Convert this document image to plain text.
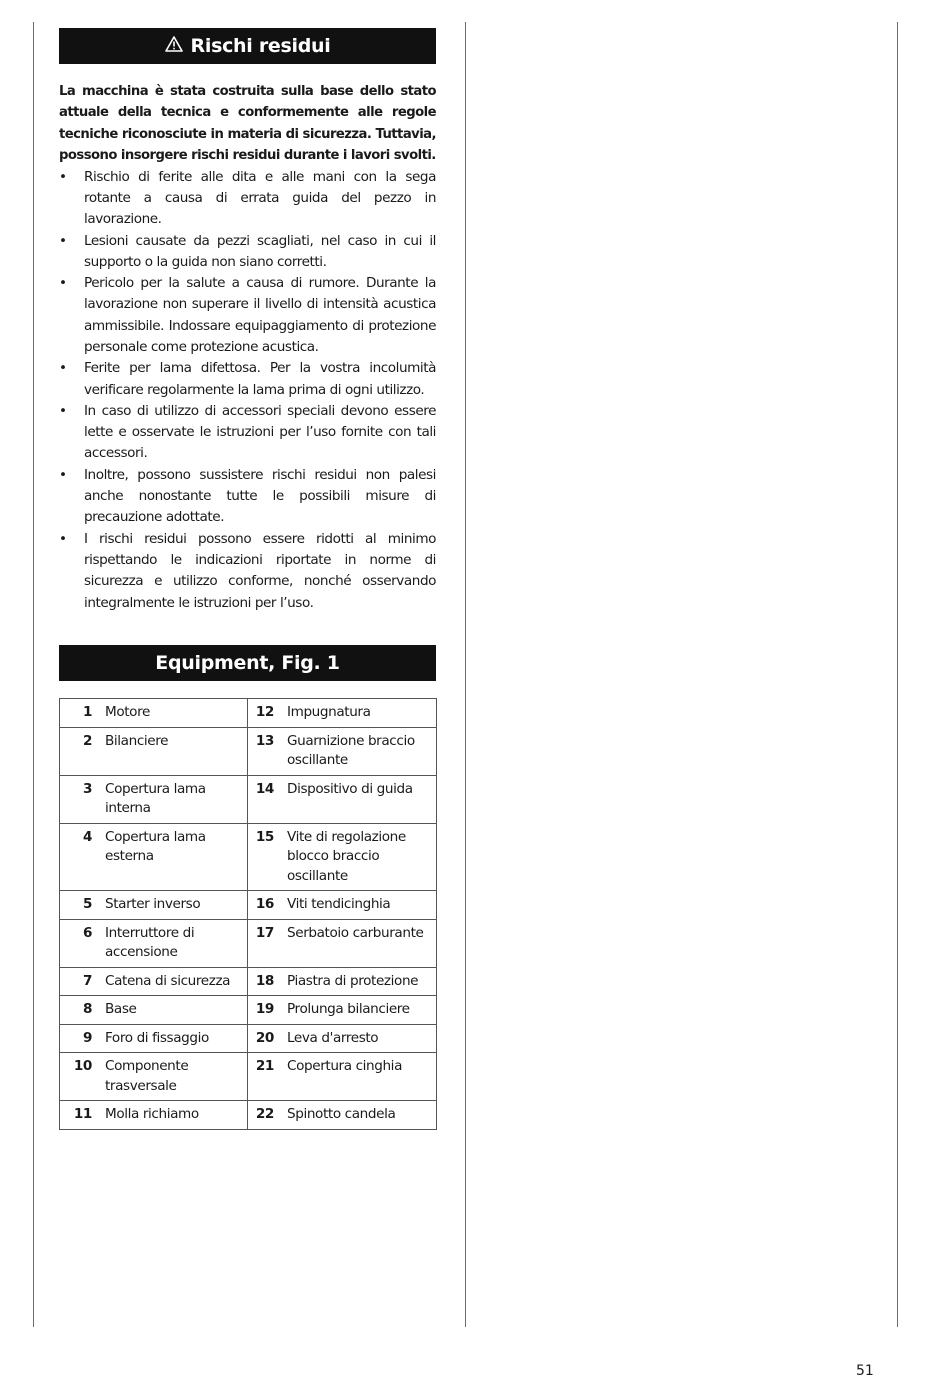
Rischi residui

La macchina è stata costruita sulla base dello stato attuale della tecnica e conformemente alle regole tecniche riconosciute in materia di sicurezza. Tuttavia, possono insorgere rischi residui durante i lavori svolti.

• Rischio di ferite alle dita e alle mani con la sega rotante a causa di errata guida del pezzo in lavorazione.
• Lesioni causate da pezzi scagliati, nel caso in cui il supporto o la guida non siano corretti.
• Pericolo per la salute a causa di rumore. Durante la lavorazione non superare il livello di intensità acustica ammissibile. Indossare equipaggiamento di protezione personale come protezione acustica.
• Ferite per lama difettosa. Per la vostra incolumità verificare regolarmente la lama prima di ogni utilizzo.
• In caso di utilizzo di accessori speciali devono essere lette e osservate le istruzioni per l’uso fornite con tali accessori.
• Inoltre, possono sussistere rischi residui non palesi anche nonostante tutte le possibili misure di precauzione adottate.
• I rischi residui possono essere ridotti al minimo rispettando le indicazioni riportate in norme di sicurezza e utilizzo conforme, nonché osservando integralmente le istruzioni per l’uso.
Equipment, Fig. 1
1 Motore	12 Impugnatura

2 Bilanciere	13 Guarnizione braccio oscillante

3 Copertura lama interna	14 Dispositivo di guida

4 Copertura lama esterna	15 Vite di regolazione blocco braccio oscillante

5 Starter inverso	16 Viti tendicinghia

6 Interruttore di accensione	17 Serbatoio carburante

7 Catena di sicurezza	18 Piastra di protezione

8 Base	19 Prolunga bilanciere

9 Foro di fissaggio	20 Leva d'arresto

10 Componente trasversale	21 Copertura cinghia

11 Molla richiamo	22 Spinotto candela
51
